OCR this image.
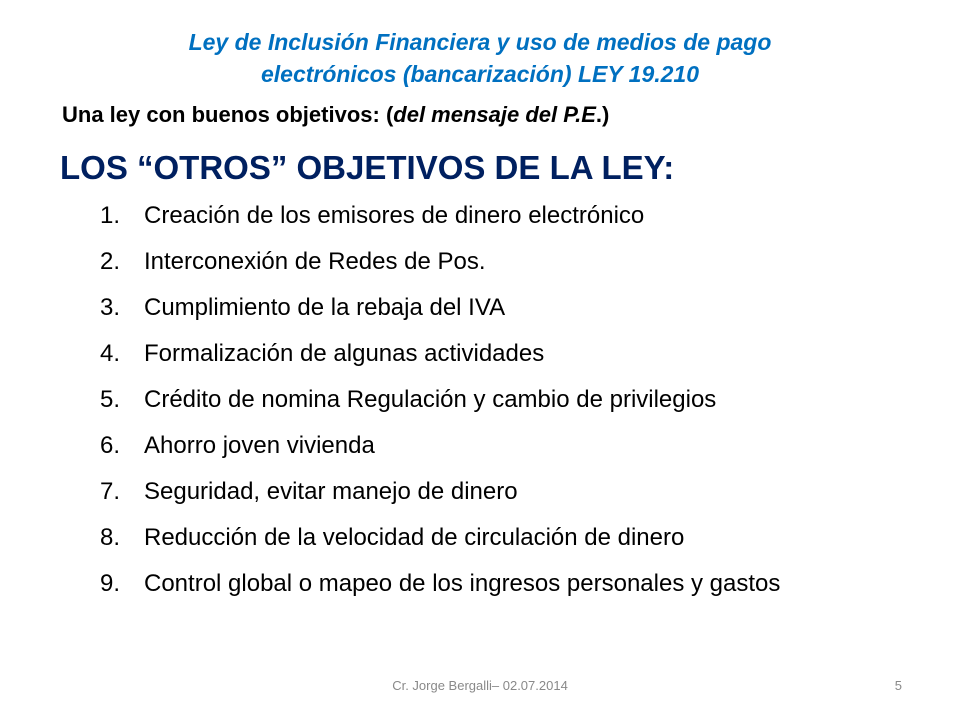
Ley de Inclusión Financiera y uso de medios de pago
electrónicos (bancarización) LEY 19.210
Una ley con buenos objetivos: (del mensaje del P.E.)
LOS “OTROS” OBJETIVOS DE LA LEY:
1. Creación de los emisores de dinero electrónico
2. Interconexión de Redes de Pos.
3. Cumplimiento de la rebaja del IVA
4. Formalización de algunas actividades
5. Crédito de nomina Regulación y cambio de privilegios
6. Ahorro joven vivienda
7. Seguridad, evitar manejo de dinero
8. Reducción de la velocidad de circulación de dinero
9. Control global o mapeo de los ingresos personales y gastos
Cr. Jorge Bergalli– 02.07.2014	5
